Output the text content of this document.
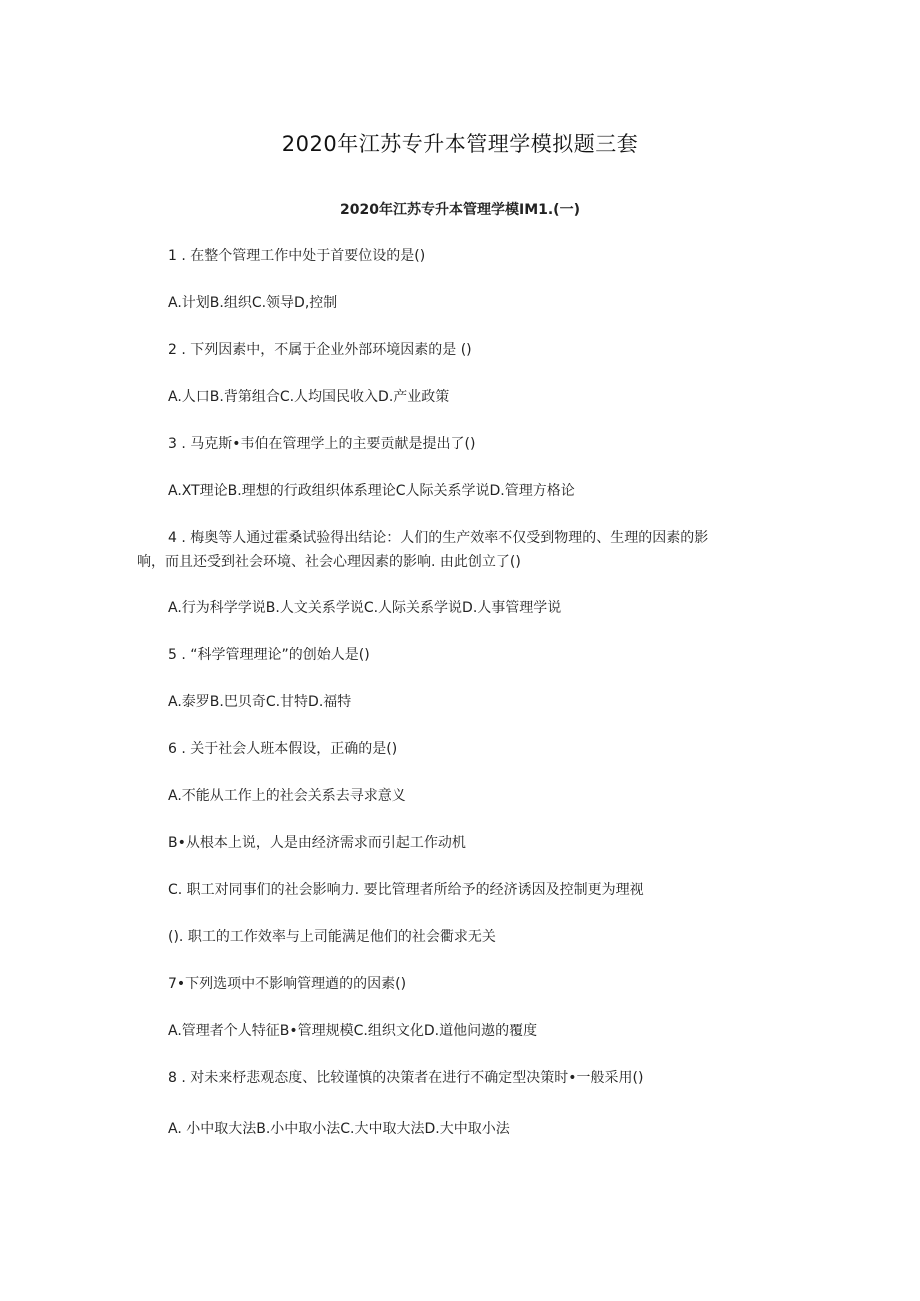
2020年江苏专升本管理学模拟题三套
2020年江苏专升本管理学模IM1.(一)
1 . 在整个管理工作中处于首要位设的是()
A.计划B.组织C.领导D,控制
2 . 下列因素中，不属于企业外部环境因素的是 ()
A.人口B.背第组合C.人均国民收入D.产业政策
3 . 马克斯•韦伯在管理学上的主要贡献是提出了()
A.XT理论B.理想的行政组织体系理论C人际关系学说D.管理方格论
4 . 梅奥等人通过霍桑试验得出结论：人们的生产效率不仅受到物理的、生理的因素的影
响，而且还受到社会环境、社会心理因素的影响. 由此创立了()
A.行为科学学说B.人文关系学说C.人际关系学说D.人事管理学说
5 . “科学管理理论”的创始人是()
A.泰罗B.巴贝奇C.甘特D.福特
6 . 关于社会人班本假设，正确的是()
A.不能从工作上的社会关系去寻求意义
B•从根本上说，人是由经济需求而引起工作动机
C. 职工对同事们的社会影响力. 要比管理者所给予的经济诱因及控制更为理视
(). 职工的工作效率与上司能满足他们的社会衢求无关
7•下列选项中不影响管理遒的的因素()
A.管理者个人特征B•管理规模C.组织文化D.道他问遨的覆度
8 . 对未来杼悲观态度、比较谨慎的决策者在进行不确定型决策时•一般采用()
A. 小中取大法B.小中取小法C.大中取大法D.大中取小法
